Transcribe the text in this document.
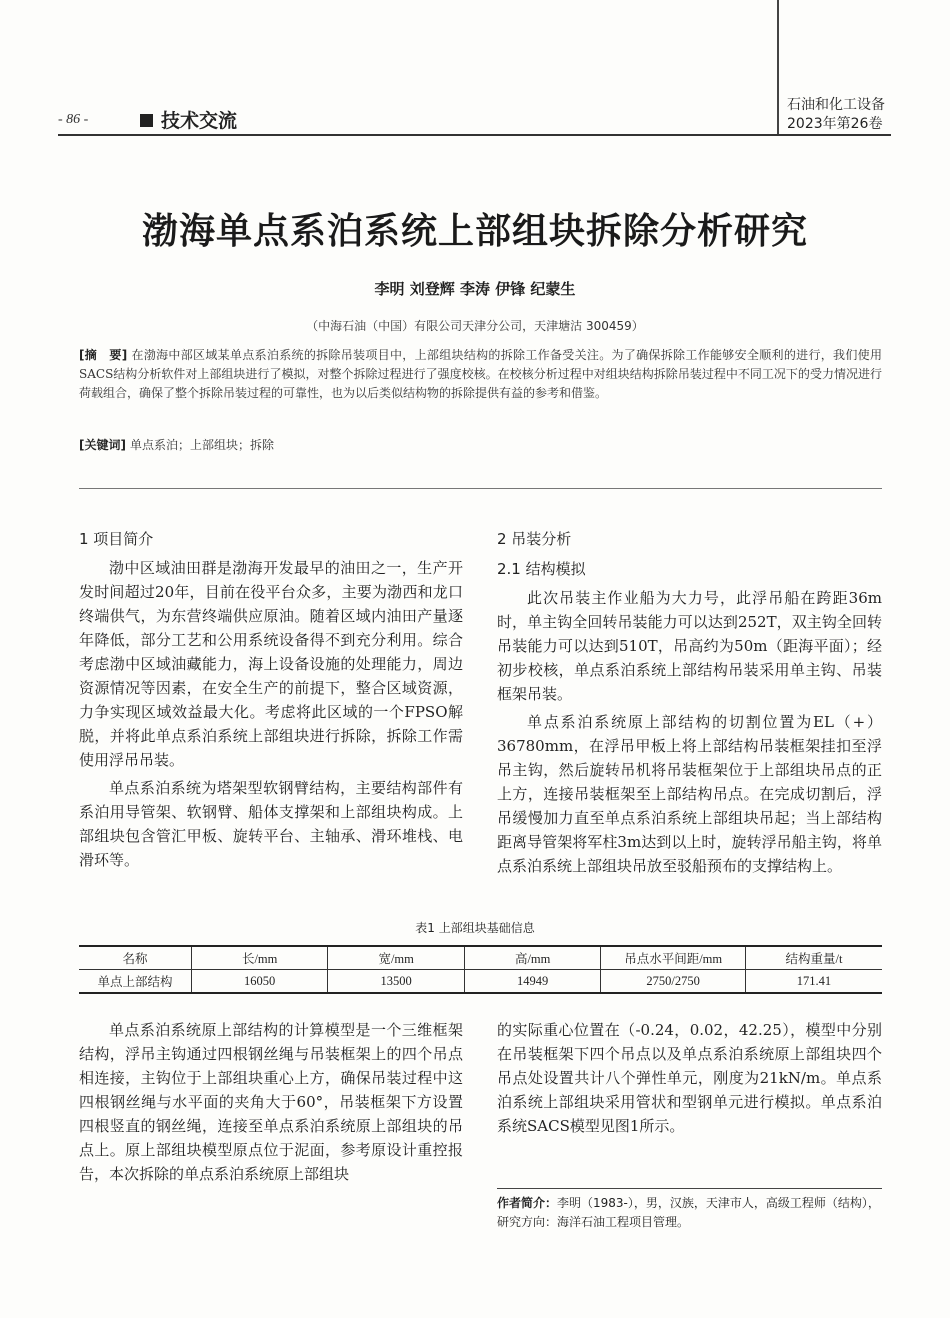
- 86 -	技术交流
石油和化工设备
2023年第26卷
渤海单点系泊系统上部组块拆除分析研究
李明 刘登辉 李涛 伊锋 纪蒙生
（中海石油（中国）有限公司天津分公司，天津塘沽 300459）
[摘　要] 在渤海中部区域某单点系泊系统的拆除吊装项目中，上部组块结构的拆除工作备受关注。为了确保拆除工作能够安全顺利的进行，我们使用SACS结构分析软件对上部组块进行了模拟，对整个拆除过程进行了强度校核。在校核分析过程中对组块结构拆除吊装过程中不同工况下的受力情况进行荷载组合，确保了整个拆除吊装过程的可靠性，也为以后类似结构物的拆除提供有益的参考和借鉴。
[关键词] 单点系泊；上部组块；拆除
1 项目简介

渤中区域油田群是渤海开发最早的油田之一，生产开发时间超过20年，目前在役平台众多，主要为渤西和龙口终端供气，为东营终端供应原油。随着区域内油田产量逐年降低，部分工艺和公用系统设备得不到充分利用。综合考虑渤中区域油藏能力，海上设备设施的处理能力，周边资源情况等因素，在安全生产的前提下，整合区域资源，力争实现区域效益最大化。考虑将此区域的一个FPSO解脱，并将此单点系泊系统上部组块进行拆除，拆除工作需使用浮吊吊装。

单点系泊系统为塔架型软钢臂结构，主要结构部件有系泊用导管架、软钢臂、船体支撑架和上部组块构成。上部组块包含管汇甲板、旋转平台、主轴承、滑环堆栈、电滑环等。

2 吊装分析
2.1 结构模拟

此次吊装主作业船为大力号，此浮吊船在跨距36m时，单主钩全回转吊装能力可以达到252T，双主钩全回转吊装能力可以达到510T，吊高约为50m（距海平面）；经初步校核，单点系泊系统上部结构吊装采用单主钩、吊装框架吊装。

单点系泊系统原上部结构的切割位置为EL（+）36780mm，在浮吊甲板上将上部结构吊装框架挂扣至浮吊主钩，然后旋转吊机将吊装框架位于上部组块吊点的正上方，连接吊装框架至上部结构吊点。在完成切割后，浮吊缓慢加力直至单点系泊系统上部组块吊起；当上部结构距离导管架将军柱3m达到以上时，旋转浮吊船主钩，将单点系泊系统上部组块吊放至驳船预布的支撑结构上。

表1 上部组块基础信息
名称	长/mm	宽/mm	高/mm	吊点水平间距/mm	结构重量/t
单点上部结构	16050	13500	14949	2750/2750	171.41

单点系泊系统原上部结构的计算模型是一个三维框架结构，浮吊主钩通过四根钢丝绳与吊装框架上的四个吊点相连接，主钩位于上部组块重心上方，确保吊装过程中这四根钢丝绳与水平面的夹角大于60°，吊装框架下方设置四根竖直的钢丝绳，连接至单点系泊系统原上部组块的吊点上。原上部组块模型原点位于泥面，参考原设计重控报告，本次拆除的单点系泊系统原上部组块

的实际重心位置在（-0.24，0.02，42.25），模型中分别在吊装框架下四个吊点以及单点系泊系统原上部组块四个吊点处设置共计八个弹性单元，刚度为21kN/m。单点系泊系统上部组块采用管状和型钢单元进行模拟。单点系泊系统SACS模型见图1所示。

作者简介：李明（1983-），男，汉族，天津市人，高级工程师（结构），研究方向：海洋石油工程项目管理。
